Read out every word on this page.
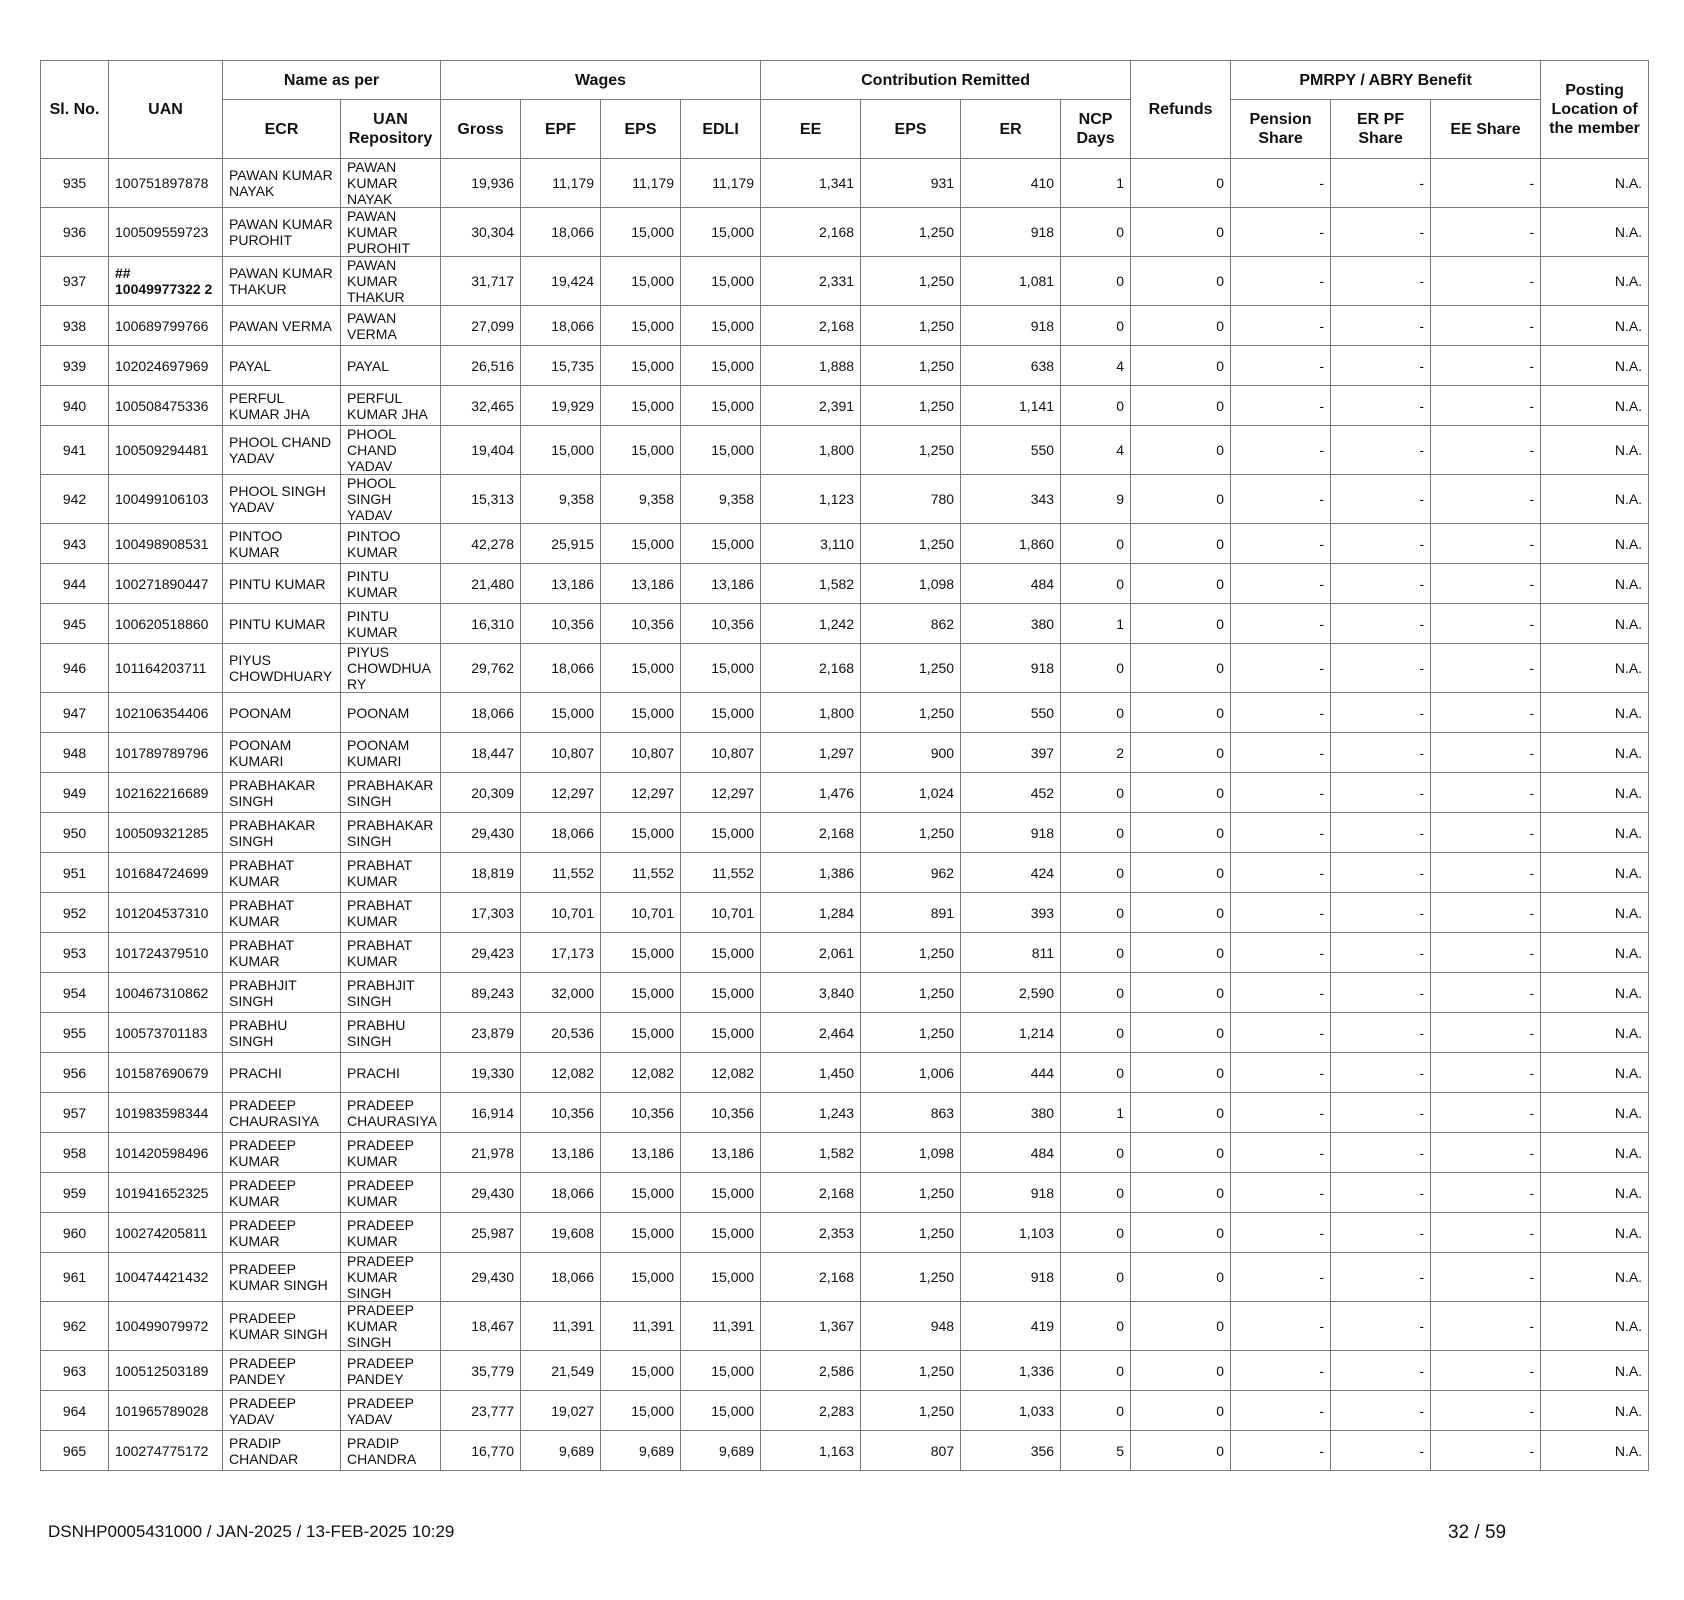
Sl. No.	UAN	Name as per		Wages				Contribution Remitted				Refunds	PMRPY / ABRY Benefit			Posting Location of the member
		ECR	UAN Repository	Gross	EPF	EPS	EDLI	EE	EPS	ER	NCP Days		Pension Share	ER PF Share	EE Share	
935	100751897878	PAWAN KUMAR NAYAK	PAWAN KUMAR NAYAK	19,936	11,179	11,179	11,179	1,341	931	410	1	0	-	-	-	N.A.
936	100509559723	PAWAN KUMAR PUROHIT	PAWAN KUMAR PUROHIT	30,304	18,066	15,000	15,000	2,168	1,250	918	0	0	-	-	-	N.A.
937	## 10049977322 2	PAWAN KUMAR THAKUR	PAWAN KUMAR THAKUR	31,717	19,424	15,000	15,000	2,331	1,250	1,081	0	0	-	-	-	N.A.
938	100689799766	PAWAN VERMA	PAWAN VERMA	27,099	18,066	15,000	15,000	2,168	1,250	918	0	0	-	-	-	N.A.
939	102024697969	PAYAL	PAYAL	26,516	15,735	15,000	15,000	1,888	1,250	638	4	0	-	-	-	N.A.
940	100508475336	PERFUL KUMAR JHA	PERFUL KUMAR JHA	32,465	19,929	15,000	15,000	2,391	1,250	1,141	0	0	-	-	-	N.A.
941	100509294481	PHOOL CHAND YADAV	PHOOL CHAND YADAV	19,404	15,000	15,000	15,000	1,800	1,250	550	4	0	-	-	-	N.A.
942	100499106103	PHOOL SINGH YADAV	PHOOL SINGH YADAV	15,313	9,358	9,358	9,358	1,123	780	343	9	0	-	-	-	N.A.
943	100498908531	PINTOO KUMAR	PINTOO KUMAR	42,278	25,915	15,000	15,000	3,110	1,250	1,860	0	0	-	-	-	N.A.
944	100271890447	PINTU KUMAR	PINTU KUMAR	21,480	13,186	13,186	13,186	1,582	1,098	484	0	0	-	-	-	N.A.
945	100620518860	PINTU KUMAR	PINTU KUMAR	16,310	10,356	10,356	10,356	1,242	862	380	1	0	-	-	-	N.A.
946	101164203711	PIYUS CHOWDHUARY	PIYUS CHOWDHUA RY	29,762	18,066	15,000	15,000	2,168	1,250	918	0	0	-	-	-	N.A.
947	102106354406	POONAM	POONAM	18,066	15,000	15,000	15,000	1,800	1,250	550	0	0	-	-	-	N.A.
948	101789789796	POONAM KUMARI	POONAM KUMARI	18,447	10,807	10,807	10,807	1,297	900	397	2	0	-	-	-	N.A.
949	102162216689	PRABHAKAR SINGH	PRABHAKAR SINGH	20,309	12,297	12,297	12,297	1,476	1,024	452	0	0	-	-	-	N.A.
950	100509321285	PRABHAKAR SINGH	PRABHAKAR SINGH	29,430	18,066	15,000	15,000	2,168	1,250	918	0	0	-	-	-	N.A.
951	101684724699	PRABHAT KUMAR	PRABHAT KUMAR	18,819	11,552	11,552	11,552	1,386	962	424	0	0	-	-	-	N.A.
952	101204537310	PRABHAT KUMAR	PRABHAT KUMAR	17,303	10,701	10,701	10,701	1,284	891	393	0	0	-	-	-	N.A.
953	101724379510	PRABHAT KUMAR	PRABHAT KUMAR	29,423	17,173	15,000	15,000	2,061	1,250	811	0	0	-	-	-	N.A.
954	100467310862	PRABHJIT SINGH	PRABHJIT SINGH	89,243	32,000	15,000	15,000	3,840	1,250	2,590	0	0	-	-	-	N.A.
955	100573701183	PRABHU SINGH	PRABHU SINGH	23,879	20,536	15,000	15,000	2,464	1,250	1,214	0	0	-	-	-	N.A.
956	101587690679	PRACHI	PRACHI	19,330	12,082	12,082	12,082	1,450	1,006	444	0	0	-	-	-	N.A.
957	101983598344	PRADEEP CHAURASIYA	PRADEEP CHAURASIYA	16,914	10,356	10,356	10,356	1,243	863	380	1	0	-	-	-	N.A.
958	101420598496	PRADEEP KUMAR	PRADEEP KUMAR	21,978	13,186	13,186	13,186	1,582	1,098	484	0	0	-	-	-	N.A.
959	101941652325	PRADEEP KUMAR	PRADEEP KUMAR	29,430	18,066	15,000	15,000	2,168	1,250	918	0	0	-	-	-	N.A.
960	100274205811	PRADEEP KUMAR	PRADEEP KUMAR	25,987	19,608	15,000	15,000	2,353	1,250	1,103	0	0	-	-	-	N.A.
961	100474421432	PRADEEP KUMAR SINGH	PRADEEP KUMAR SINGH	29,430	18,066	15,000	15,000	2,168	1,250	918	0	0	-	-	-	N.A.
962	100499079972	PRADEEP KUMAR SINGH	PRADEEP KUMAR SINGH	18,467	11,391	11,391	11,391	1,367	948	419	0	0	-	-	-	N.A.
963	100512503189	PRADEEP PANDEY	PRADEEP PANDEY	35,779	21,549	15,000	15,000	2,586	1,250	1,336	0	0	-	-	-	N.A.
964	101965789028	PRADEEP YADAV	PRADEEP YADAV	23,777	19,027	15,000	15,000	2,283	1,250	1,033	0	0	-	-	-	N.A.
965	100274775172	PRADIP CHANDAR	PRADIP CHANDRA	16,770	9,689	9,689	9,689	1,163	807	356	5	0	-	-	-	N.A.
DSNHP0005431000 / JAN-2025 / 13-FEB-2025 10:29	32 / 59
